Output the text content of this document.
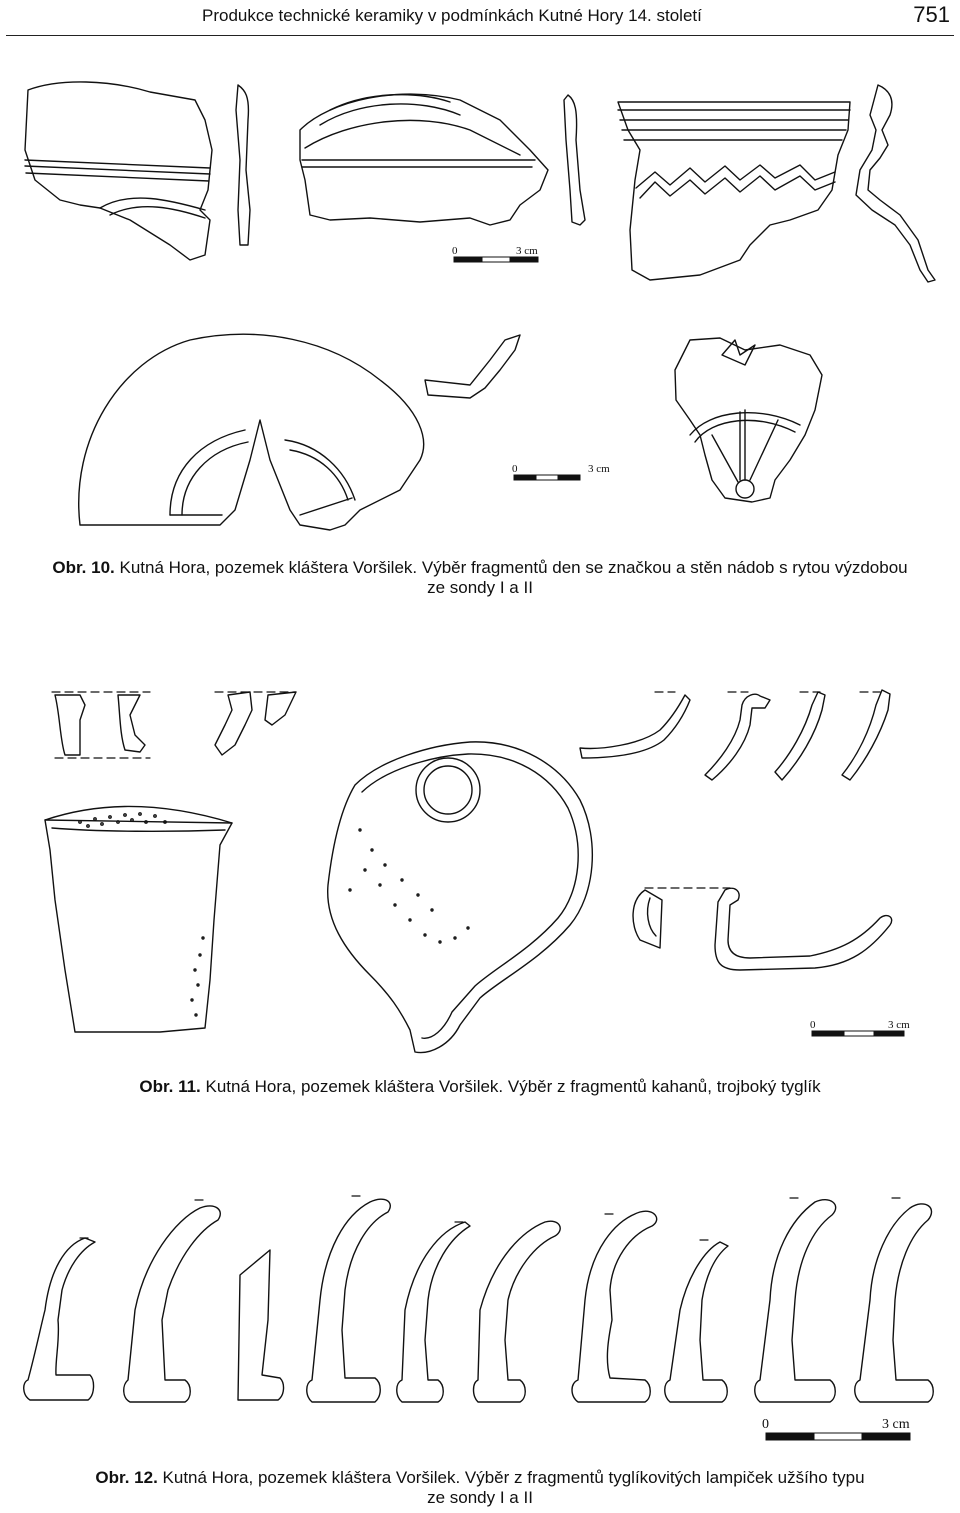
Produkce technické keramiky v podmínkách Kutné Hory 14. století	751
0	3 cm
0	3 cm
Obr. 10. Kutná Hora, pozemek kláštera Voršilek. Výběr fragmentů den se značkou a stěn nádob s rytou výzdobou
ze sondy I a II
0	3 cm
Obr. 11. Kutná Hora, pozemek kláštera Voršilek. Výběr z fragmentů kahanů, trojboký tyglík
0	3 cm
Obr. 12. Kutná Hora, pozemek kláštera Voršilek. Výběr z fragmentů tyglíkovitých lampiček užšího typu
ze sondy I a II
